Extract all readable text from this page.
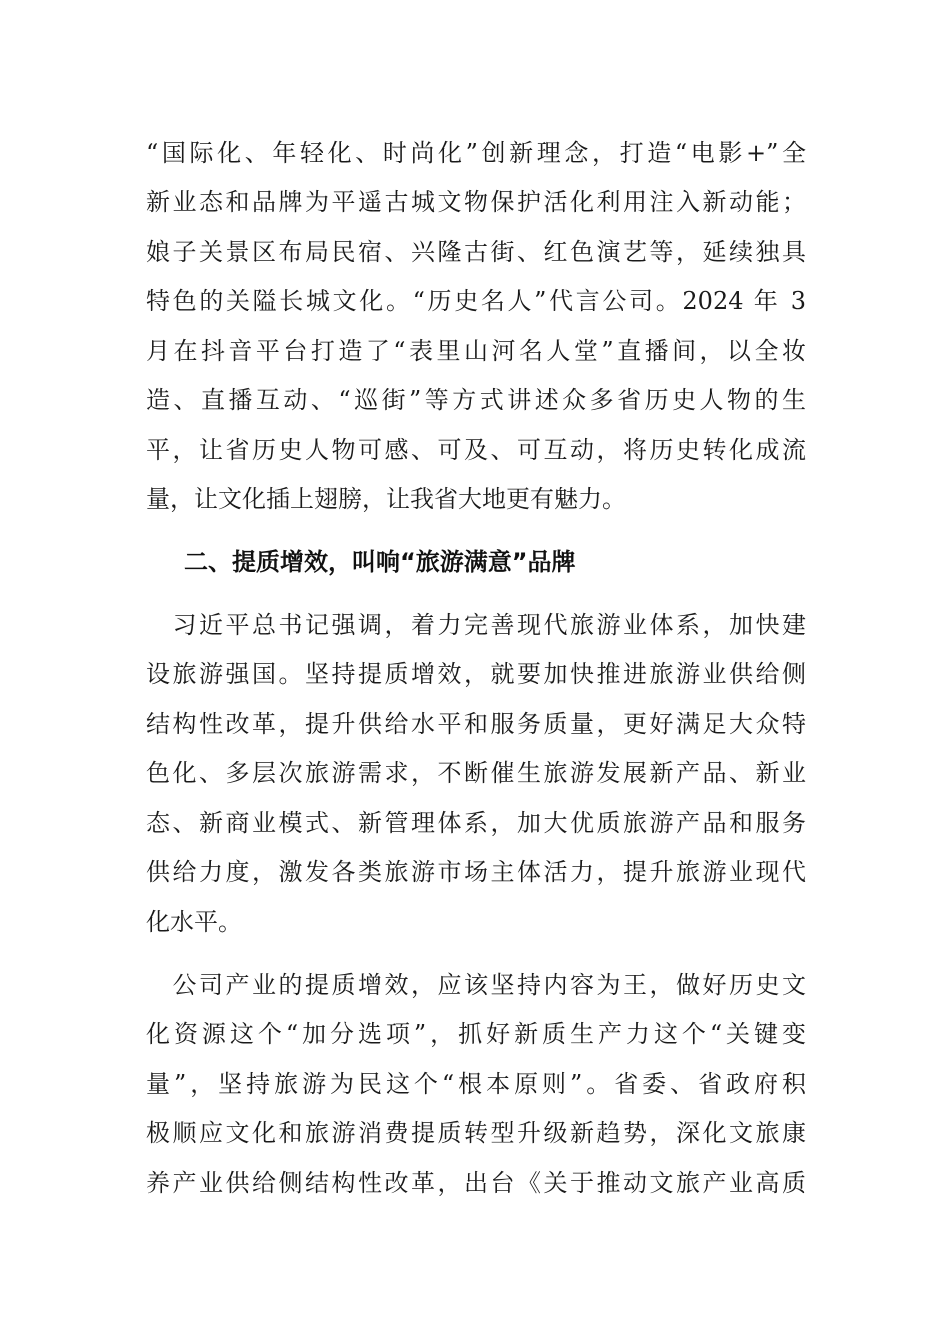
“国际化、年轻化、时尚化”创新理念，打造“电影+”全
新业态和品牌为平遥古城文物保护活化利用注入新动能；
娘子关景区布局民宿、兴隆古街、红色演艺等，延续独具
特色的关隘长城文化。“历史名人”代言公司。2024 年 3
月在抖音平台打造了“表里山河名人堂”直播间，以全妆
造、直播互动、“巡街”等方式讲述众多省历史人物的生
平，让省历史人物可感、可及、可互动，将历史转化成流
量，让文化插上翅膀，让我省大地更有魅力。
二、提质增效，叫响“旅游满意”品牌
　习近平总书记强调，着力完善现代旅游业体系，加快建
设旅游强国。坚持提质增效，就要加快推进旅游业供给侧
结构性改革，提升供给水平和服务质量，更好满足大众特
色化、多层次旅游需求，不断催生旅游发展新产品、新业
态、新商业模式、新管理体系，加大优质旅游产品和服务
供给力度，激发各类旅游市场主体活力，提升旅游业现代
化水平。
　公司产业的提质增效，应该坚持内容为王，做好历史文
化资源这个“加分选项”，抓好新质生产力这个“关键变
量”，坚持旅游为民这个“根本原则”。省委、省政府积
极顺应文化和旅游消费提质转型升级新趋势，深化文旅康
养产业供给侧结构性改革，出台《关于推动文旅产业高质
